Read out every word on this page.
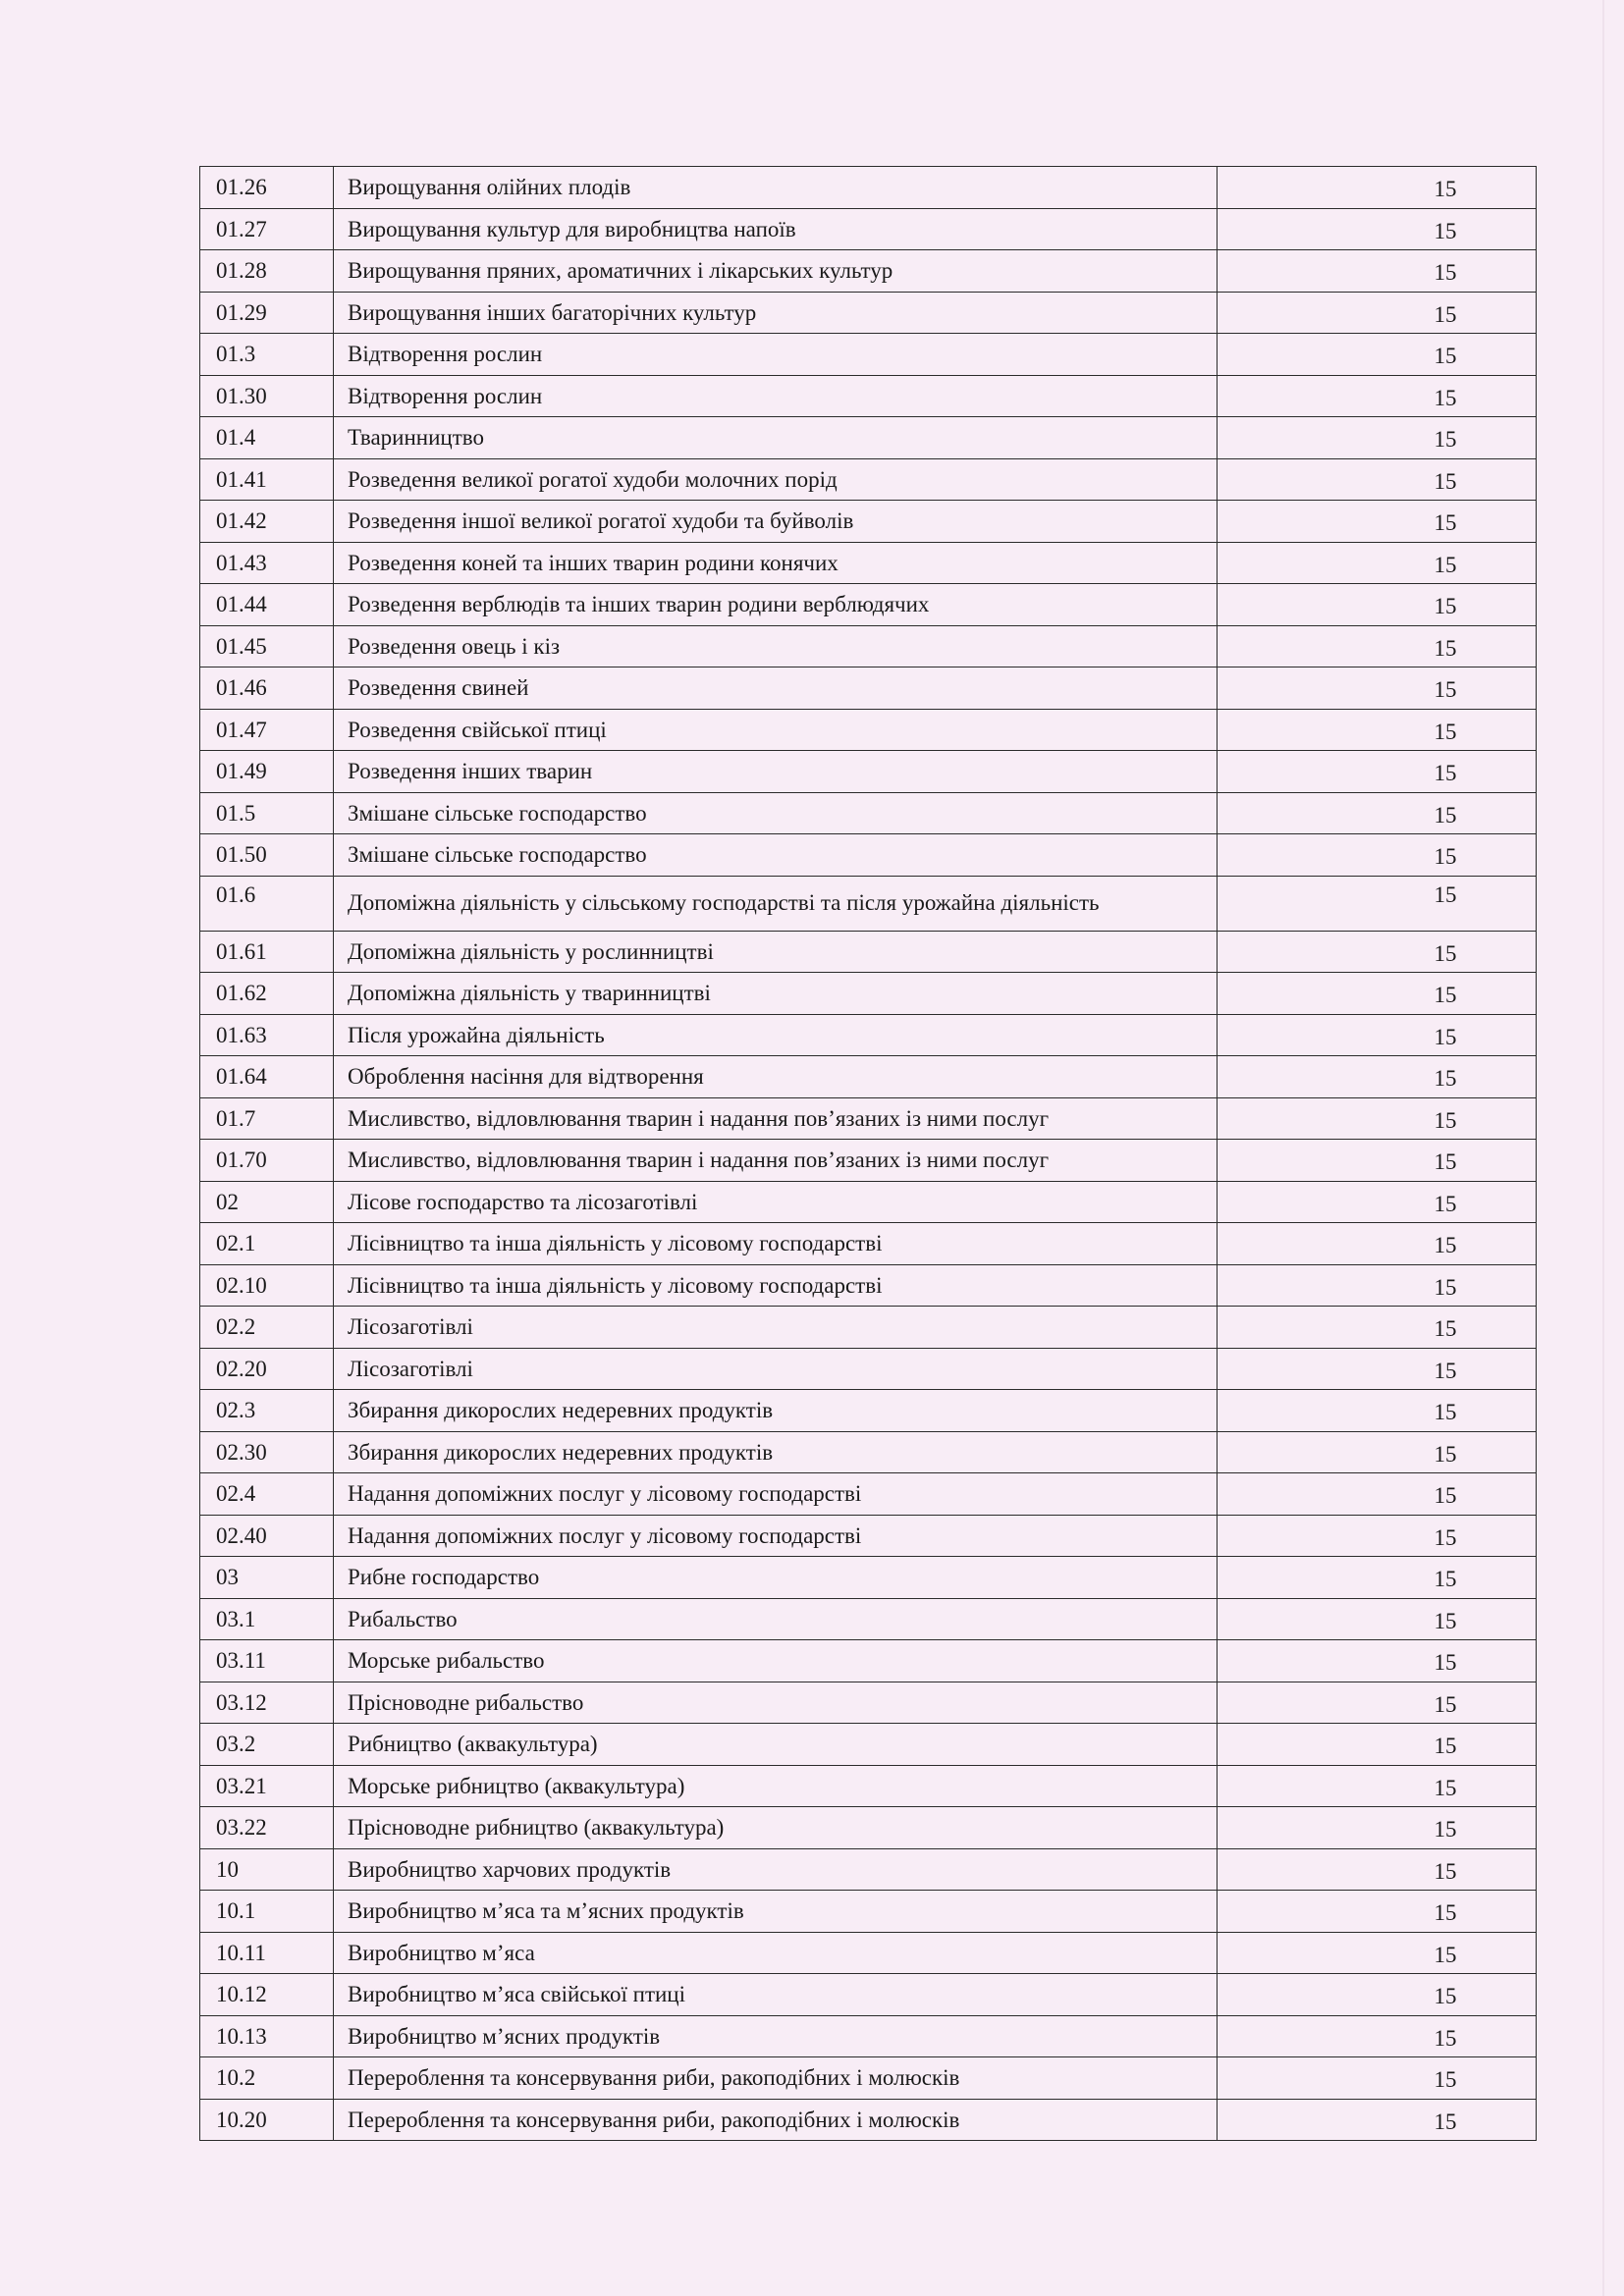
01.26	Вирощування олійних плодів	15
01.27	Вирощування культур для виробництва напоїв	15
01.28	Вирощування пряних, ароматичних і лікарських культур	15
01.29	Вирощування інших багаторічних культур	15
01.3	Відтворення рослин	15
01.30	Відтворення рослин	15
01.4	Тваринництво	15
01.41	Розведення великої рогатої худоби молочних порід	15
01.42	Розведення іншої великої рогатої худоби та буйволів	15
01.43	Розведення коней та інших тварин родини конячих	15
01.44	Розведення верблюдів та інших тварин родини верблюдячих	15
01.45	Розведення овець і кіз	15
01.46	Розведення свиней	15
01.47	Розведення свійської птиці	15
01.49	Розведення інших тварин	15
01.5	Змішане сільське господарство	15
01.50	Змішане сільське господарство	15
01.6	Допоміжна діяльність у сільському господарстві та після урожайна діяльність	15
01.61	Допоміжна діяльність у рослинництві	15
01.62	Допоміжна діяльність у тваринництві	15
01.63	Після урожайна діяльність	15
01.64	Оброблення насіння для відтворення	15
01.7	Мисливство, відловлювання тварин і надання пов’язаних із ними послуг	15
01.70	Мисливство, відловлювання тварин і надання пов’язаних із ними послуг	15
02	Лісове господарство та лісозаготівлі	15
02.1	Лісівництво та інша діяльність у лісовому господарстві	15
02.10	Лісівництво та інша діяльність у лісовому господарстві	15
02.2	Лісозаготівлі	15
02.20	Лісозаготівлі	15
02.3	Збирання дикорослих недеревних продуктів	15
02.30	Збирання дикорослих недеревних продуктів	15
02.4	Надання допоміжних послуг у лісовому господарстві	15
02.40	Надання допоміжних послуг у лісовому господарстві	15
03	Рибне господарство	15
03.1	Рибальство	15
03.11	Морське рибальство	15
03.12	Прісноводне рибальство	15
03.2	Рибництво (аквакультура)	15
03.21	Морське рибництво (аквакультура)	15
03.22	Прісноводне рибництво (аквакультура)	15
10	Виробництво харчових продуктів	15
10.1	Виробництво м’яса та м’ясних продуктів	15
10.11	Виробництво м’яса	15
10.12	Виробництво м’яса свійської птиці	15
10.13	Виробництво м’ясних продуктів	15
10.2	Перероблення та консервування риби, ракоподібних і молюсків	15
10.20	Перероблення та консервування риби, ракоподібних і молюсків	15
